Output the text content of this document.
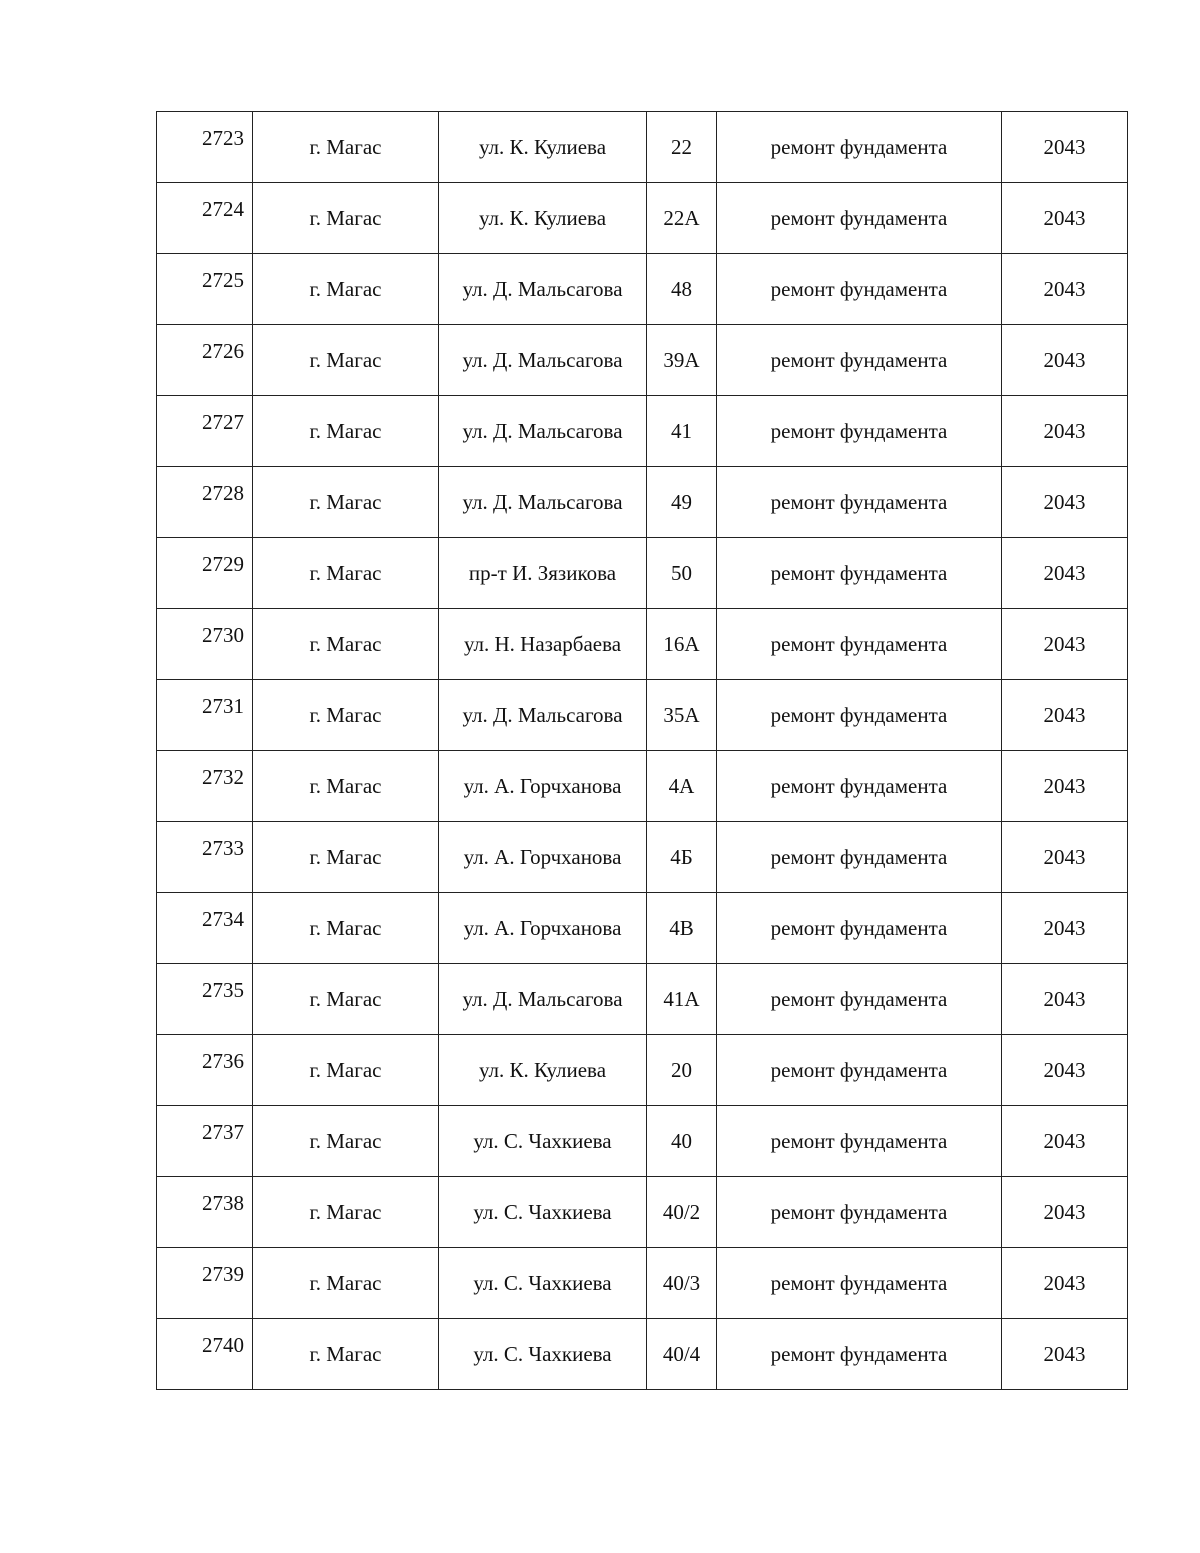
2723	г. Магас	ул. К. Кулиева	22	ремонт фундамента	2043
2724	г. Магас	ул. К. Кулиева	22А	ремонт фундамента	2043
2725	г. Магас	ул. Д. Мальсагова	48	ремонт фундамента	2043
2726	г. Магас	ул. Д. Мальсагова	39А	ремонт фундамента	2043
2727	г. Магас	ул. Д. Мальсагова	41	ремонт фундамента	2043
2728	г. Магас	ул. Д. Мальсагова	49	ремонт фундамента	2043
2729	г. Магас	пр-т И. Зязикова	50	ремонт фундамента	2043
2730	г. Магас	ул. Н. Назарбаева	16А	ремонт фундамента	2043
2731	г. Магас	ул. Д. Мальсагова	35А	ремонт фундамента	2043
2732	г. Магас	ул. А. Горчханова	4А	ремонт фундамента	2043
2733	г. Магас	ул. А. Горчханова	4Б	ремонт фундамента	2043
2734	г. Магас	ул. А. Горчханова	4В	ремонт фундамента	2043
2735	г. Магас	ул. Д. Мальсагова	41А	ремонт фундамента	2043
2736	г. Магас	ул. К. Кулиева	20	ремонт фундамента	2043
2737	г. Магас	ул. С. Чахкиева	40	ремонт фундамента	2043
2738	г. Магас	ул. С. Чахкиева	40/2	ремонт фундамента	2043
2739	г. Магас	ул. С. Чахкиева	40/3	ремонт фундамента	2043
2740	г. Магас	ул. С. Чахкиева	40/4	ремонт фундамента	2043
